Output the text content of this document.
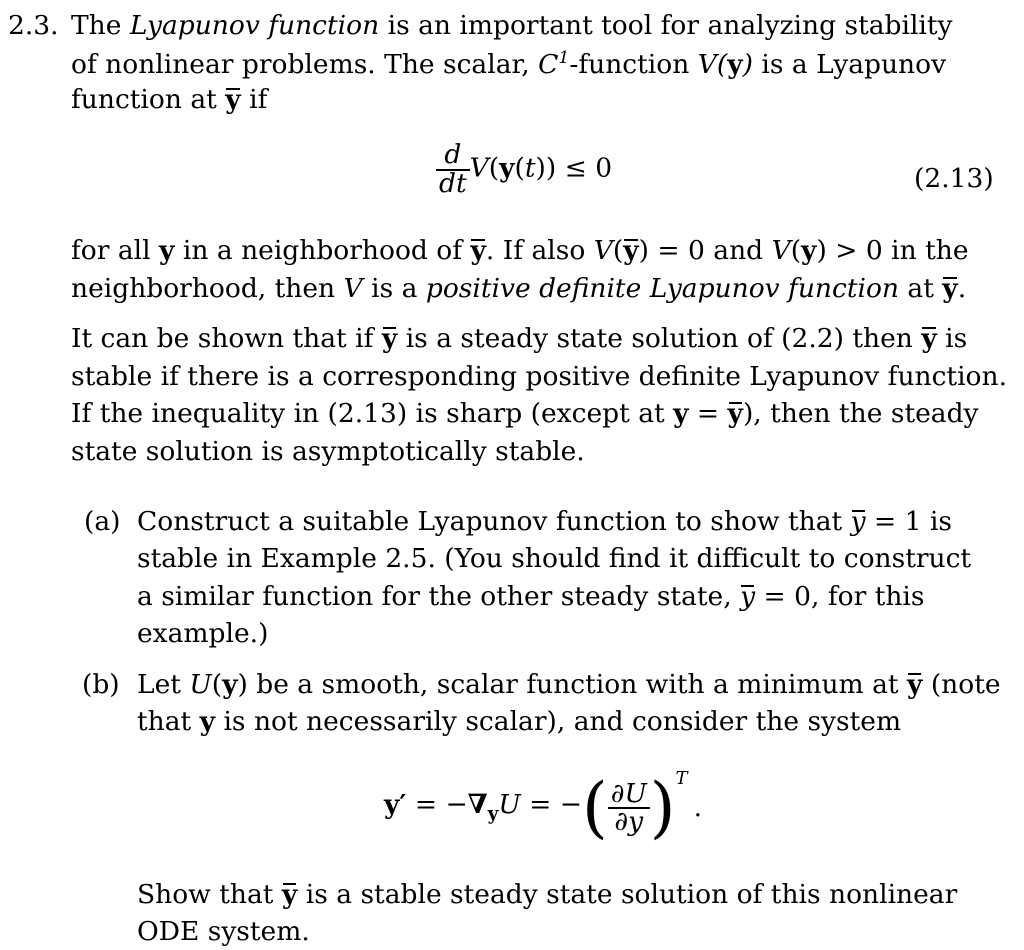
2.3. The Lyapunov function is an important tool for analyzing stability
of nonlinear problems. The scalar, $C^1$-function V(y) is a Lyapunov
function at y if
$\frac{d}{dt} V(y(t)) \le 0$	(2.13)
for all y in a neighborhood of y. If also V(y) = 0 and V(y) > 0 in the
neighborhood, then V is a positive definite Lyapunov function at y.
It can be shown that if y is a steady state solution of (2.2) then y is
stable if there is a corresponding positive definite Lyapunov function.
If the inequality in (2.13) is sharp (except at y = y), then the steady
state solution is asymptotically stable.
(a) Construct a suitable Lyapunov function to show that y = 1 is
stable in Example 2.5. (You should find it difficult to construct
a similar function for the other steady state, y = 0, for this
example.)
(b) Let U(y) be a smooth, scalar function with a minimum at y (note
that y is not necessarily scalar), and consider the system
$y' = -\nabla_yU$ = − ( $\frac{\partial U}{\partial y}$ ) T
.
Show that y is a stable steady state solution of this nonlinear
ODE system.
